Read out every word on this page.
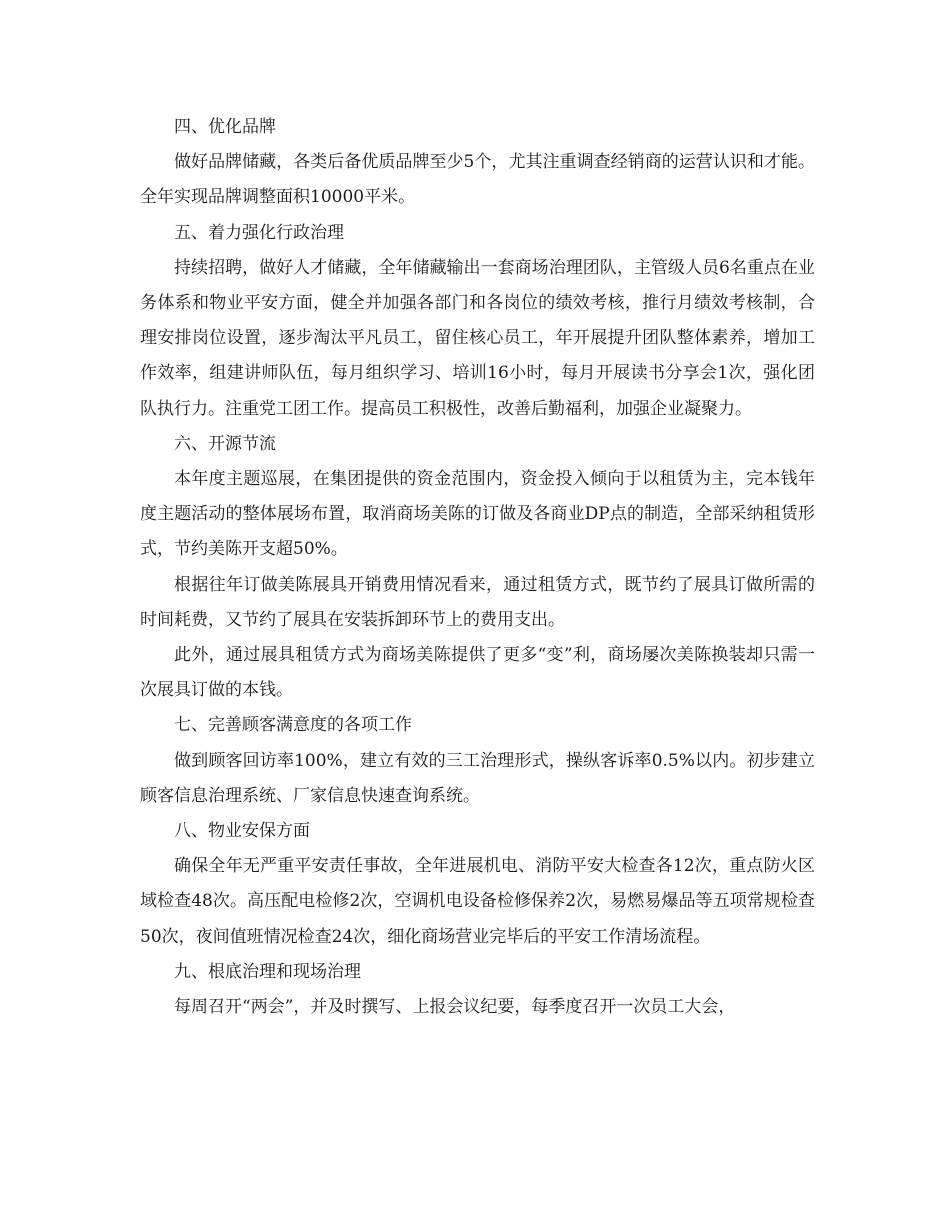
四、优化品牌

做好品牌储藏，各类后备优质品牌至少5个，尤其注重调查经销商的运营认识和才能。全年实现品牌调整面积10000平米。

五、着力强化行政治理

持续招聘，做好人才储藏，全年储藏输出一套商场治理团队，主管级人员6名重点在业务体系和物业平安方面，健全并加强各部门和各岗位的绩效考核，推行月绩效考核制，合理安排岗位设置，逐步淘汰平凡员工，留住核心员工，年开展提升团队整体素养，增加工作效率，组建讲师队伍，每月组织学习、培训16小时，每月开展读书分享会1次，强化团队执行力。注重党工团工作。提高员工积极性，改善后勤福利，加强企业凝聚力。

六、开源节流

本年度主题巡展，在集团提供的资金范围内，资金投入倾向于以租赁为主，完本钱年度主题活动的整体展场布置，取消商场美陈的订做及各商业DP点的制造，全部采纳租赁形式，节约美陈开支超50%。

根据往年订做美陈展具开销费用情况看来，通过租赁方式，既节约了展具订做所需的时间耗费，又节约了展具在安装拆卸环节上的费用支出。

此外，通过展具租赁方式为商场美陈提供了更多“变”利，商场屡次美陈换装却只需一次展具订做的本钱。

七、完善顾客满意度的各项工作

做到顾客回访率100%，建立有效的三工治理形式，操纵客诉率0.5%以内。初步建立顾客信息治理系统、厂家信息快速查询系统。

八、物业安保方面

确保全年无严重平安责任事故，全年进展机电、消防平安大检查各12次，重点防火区域检查48次。高压配电检修2次，空调机电设备检修保养2次，易燃易爆品等五项常规检查50次，夜间值班情况检查24次，细化商场营业完毕后的平安工作清场流程。

九、根底治理和现场治理

每周召开“两会”，并及时撰写、上报会议纪要，每季度召开一次员工大会，
